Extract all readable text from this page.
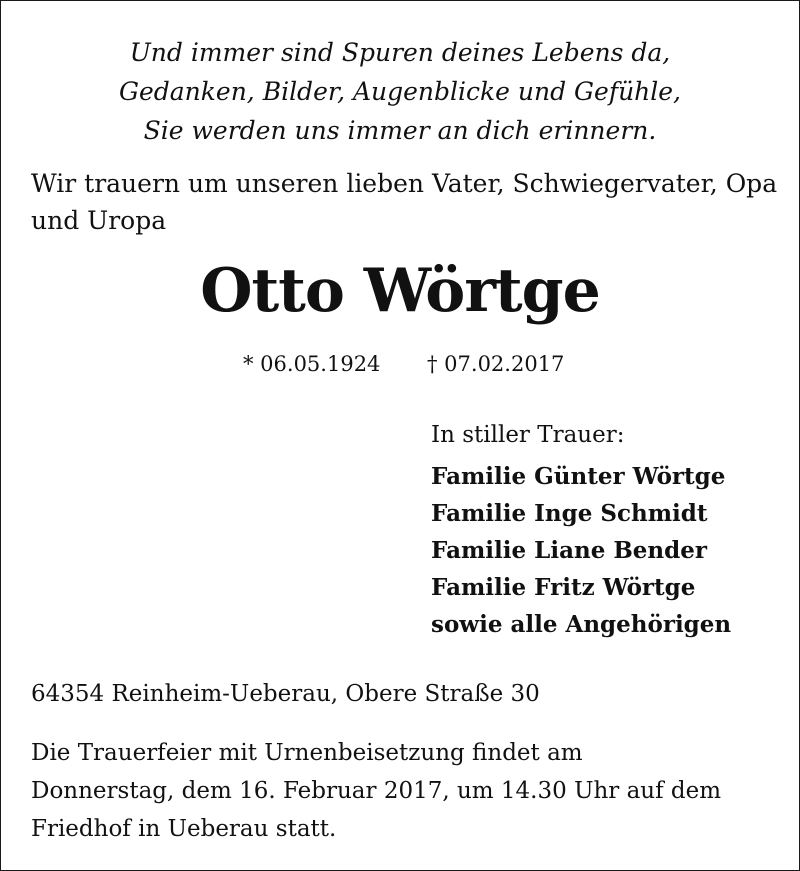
Und immer sind Spuren deines Lebens da,
Gedanken, Bilder, Augenblicke und Gefühle,
Sie werden uns immer an dich erinnern.
Wir trauern um unseren lieben Vater, Schwiegervater, Opa
und Uropa
Otto Wörtge
* 06.05.1924 † 07.02.2017
In stiller Trauer:
Familie Günter Wörtge
Familie Inge Schmidt
Familie Liane Bender
Familie Fritz Wörtge
sowie alle Angehörigen
64354 Reinheim-Ueberau, Obere Straße 30
Die Trauerfeier mit Urnenbeisetzung findet am
Donnerstag, dem 16. Februar 2017, um 14.30 Uhr auf dem
Friedhof in Ueberau statt.
